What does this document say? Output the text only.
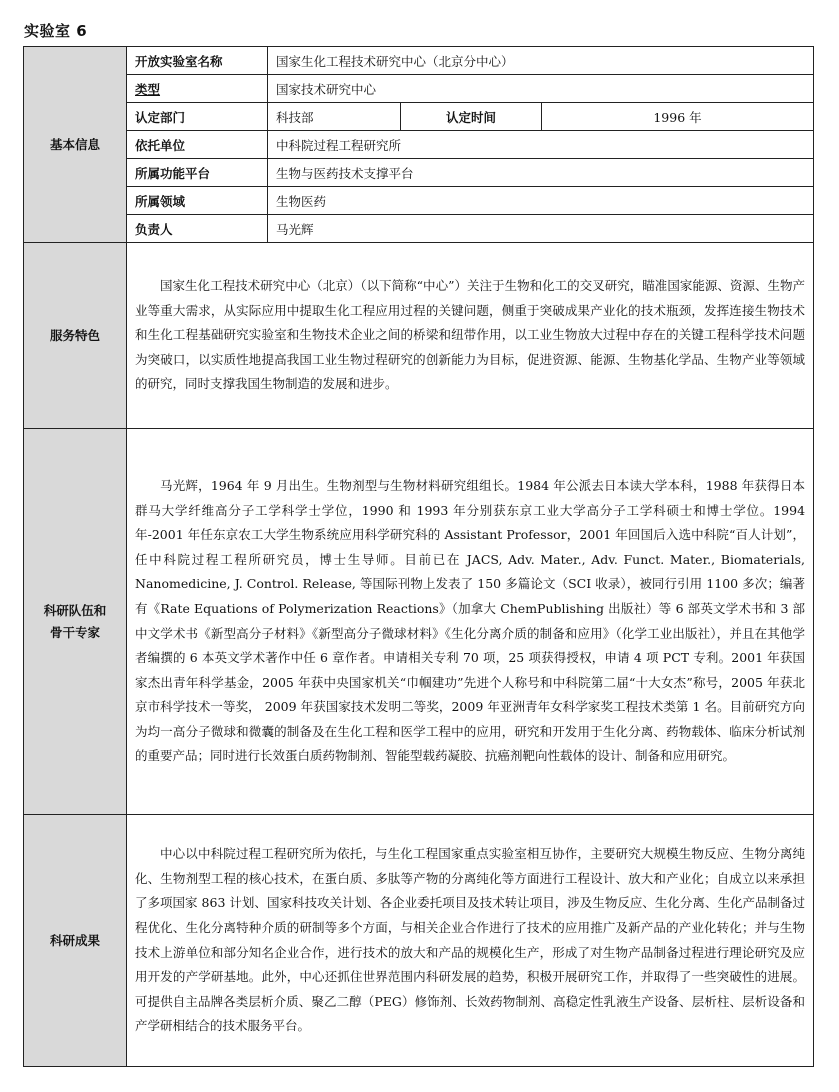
实验室 6
基本信息	开放实验室名称	国家生化工程技术研究中心（北京分中心）		
	类型	国家技术研究中心		
	认定部门	科技部	认定时间	1996 年
	依托单位	中科院过程工程研究所		
	所属功能平台	生物与医药技术支撑平台		
	所属领域	生物医药		
	负责人	马光辉		
服务特色	国家生化工程技术研究中心（北京）（以下简称“中心”）关注于生物和化工的交叉研究，瞄准国家能源、资源、生物产业等重大需求，从实际应用中提取生化工程应用过程的关键问题，侧重于突破成果产业化的技术瓶颈，发挥连接生物技术和生化工程基础研究实验室和生物技术企业之间的桥梁和纽带作用，以工业生物放大过程中存在的关键工程科学技术问题为突破口，以实质性地提高我国工业生物过程研究的创新能力为目标，促进资源、能源、生物基化学品、生物产业等领域的研究，同时支撑我国生物制造的发展和进步。			

科研队伍和
骨干专家	马光辉，1964 年 9 月出生。生物剂型与生物材料研究组组长。1984 年公派去日本读大学本科，1988 年获得日本群马大学纤维高分子工学科学士学位，1990 和 1993 年分别获东京工业大学高分子工学科硕士和博士学位。1994 年-2001 年任东京农工大学生物系统应用科学研究科的 Assistant Professor，2001 年回国后入选中科院“百人计划”，任中科院过程工程所研究员，博士生导师。目前已在 JACS, Adv. Mater., Adv. Funct. Mater., Biomaterials, Nanomedicine, J. Control. Release, 等国际刊物上发表了 150 多篇论文（SCI 收录），被同行引用 1100 多次；编著有《Rate Equations of Polymerization Reactions》（加拿大 ChemPublishing 出版社）等 6 部英文学术书和 3 部中文学术书《新型高分子材料》《新型高分子微球材料》《生化分离介质的制备和应用》（化学工业出版社），并且在其他学者编撰的 6 本英文学术著作中任 6 章作者。申请相关专利 70 项，25 项获得授权，申请 4 项 PCT 专利。2001 年获国家杰出青年科学基金，2005 年获中央国家机关“巾帼建功”先进个人称号和中科院第二届“十大女杰”称号，2005 年获北京市科学技术一等奖， 2009 年获国家技术发明二等奖，2009 年亚洲青年女科学家奖工程技术类第 1 名。目前研究方向为均一高分子微球和微囊的制备及在生化工程和医学工程中的应用，研究和开发用于生化分离、药物载体、临床分析试剂的重要产品；同时进行长效蛋白质药物制剂、智能型载药凝胶、抗癌剂靶向性载体的设计、制备和应用研究。			
科研成果	中心以中科院过程工程研究所为依托，与生化工程国家重点实验室相互协作，主要研究大规模生物反应、生物分离纯化、生物剂型工程的核心技术，在蛋白质、多肽等产物的分离纯化等方面进行工程设计、放大和产业化；自成立以来承担了多项国家 863 计划、国家科技攻关计划、各企业委托项目及技术转让项目，涉及生物反应、生化分离、生化产品制备过程优化、生化分离特种介质的研制等多个方面，与相关企业合作进行了技术的应用推广及新产品的产业化转化；并与生物技术上游单位和部分知名企业合作，进行技术的放大和产品的规模化生产，形成了对生物产品制备过程进行理论研究及应用开发的产学研基地。此外，中心还抓住世界范围内科研发展的趋势，积极开展研究工作，并取得了一些突破性的进展。可提供自主品牌各类层析介质、聚乙二醇（PEG）修饰剂、长效药物制剂、高稳定性乳液生产设备、层析柱、层析设备和产学研相结合的技术服务平台。			
